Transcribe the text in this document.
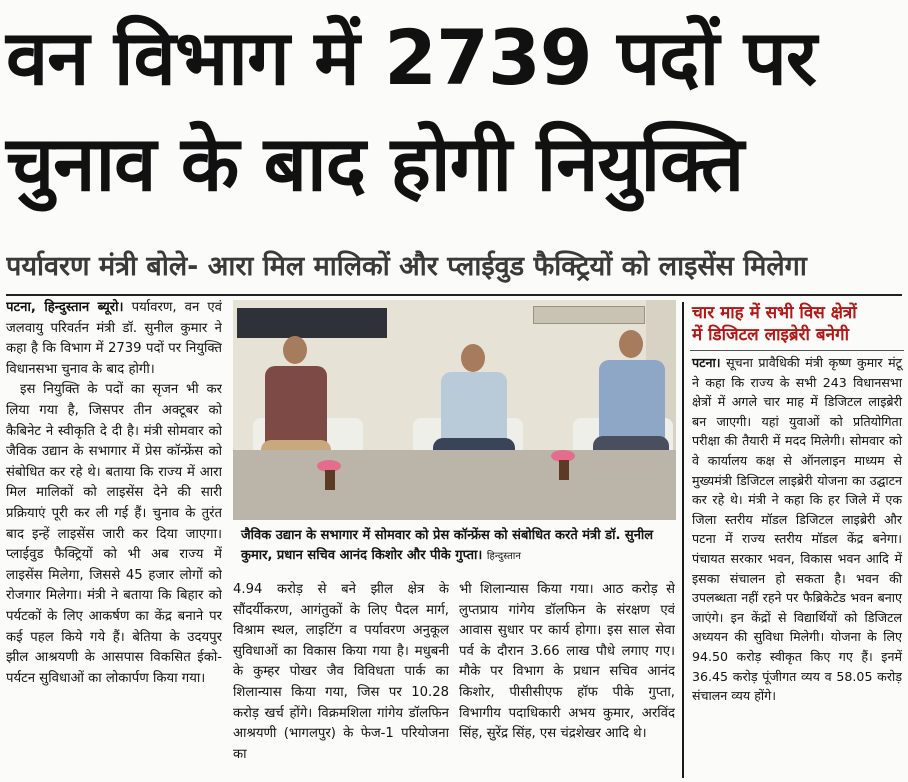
वन विभाग में 2739 पदों पर
चुनाव के बाद होगी नियुक्ति
पर्यावरण मंत्री बोले- आरा मिल मालिकों और प्लाईवुड फैक्ट्रियों को लाइसेंस मिलेगा

पटना, हिन्दुस्तान ब्यूरो। पर्यावरण, वन एवं जलवायु परिवर्तन मंत्री डॉ. सुनील कुमार ने कहा है कि विभाग में 2739 पदों पर नियुक्ति विधानसभा चुनाव के बाद होगी।

इस नियुक्ति के पदों का सृजन भी कर लिया गया है, जिसपर तीन अक्टूबर को कैबिनेट ने स्वीकृति दे दी है। मंत्री सोमवार को जैविक उद्यान के सभागार में प्रेस कॉन्फ्रेंस को संबोधित कर रहे थे। बताया कि राज्य में आरा मिल मालिकों को लाइसेंस देने की सारी प्रक्रियाएं पूरी कर ली गई हैं। चुनाव के तुरंत बाद इन्हें लाइसेंस जारी कर दिया जाएगा। प्लाईवुड फैक्ट्रियों को भी अब राज्य में लाइसेंस मिलेगा, जिससे 45 हजार लोगों को रोजगार मिलेगा। मंत्री ने बताया कि बिहार को पर्यटकों के लिए आकर्षण का केंद्र बनाने पर कई पहल किये गये हैं। बेतिया के उदयपुर झील आश्रयणी के आसपास विकसित ईको-पर्यटन सुविधाओं का लोकार्पण किया गया।

जैविक उद्यान के सभागार में सोमवार को प्रेस कॉन्फ्रेंस को संबोधित करते मंत्री डॉ. सुनील कुमार, प्रधान सचिव आनंद किशोर और पीके गुप्ता। हिन्दुस्तान

4.94 करोड़ से बने झील क्षेत्र के सौंदर्यीकरण, आगंतुकों के लिए पैदल मार्ग, विश्राम स्थल, लाइटिंग व पर्यावरण अनुकूल सुविधाओं का विकास किया गया है। मधुबनी के कुम्हर पोखर जैव विविधता पार्क का शिलान्यास किया गया, जिस पर 10.28 करोड़ खर्च होंगे। विक्रमशिला गांगेय डॉलफिन आश्रयणी (भागलपुर) के फेज-1 परियोजना का

भी शिलान्यास किया गया। आठ करोड़ से लुप्तप्राय गांगेय डॉलफिन के संरक्षण एवं आवास सुधार पर कार्य होगा। इस साल सेवा पर्व के दौरान 3.66 लाख पौधे लगाए गए। मौके पर विभाग के प्रधान सचिव आनंद किशोर, पीसीसीएफ हॉफ पीके गुप्ता, विभागीय पदाधिकारी अभय कुमार, अरविंद सिंह, सुरेंद्र सिंह, एस चंद्रशेखर आदि थे।

चार माह में सभी विस क्षेत्रों

में डिजिटल लाइब्रेरी बनेगी

पटना। सूचना प्रावैधिकी मंत्री कृष्ण कुमार मंटू ने कहा कि राज्य के सभी 243 विधानसभा क्षेत्रों में अगले चार माह में डिजिटल लाइब्रेरी बन जाएगी। यहां युवाओं को प्रतियोगिता परीक्षा की तैयारी में मदद मिलेगी। सोमवार को वे कार्यालय कक्ष से ऑनलाइन माध्यम से मुख्यमंत्री डिजिटल लाइब्रेरी योजना का उद्घाटन कर रहे थे। मंत्री ने कहा कि हर जिले में एक जिला स्तरीय मॉडल डिजिटल लाइब्रेरी और पटना में राज्य स्तरीय मॉडल केंद्र बनेगा। पंचायत सरकार भवन, विकास भवन आदि में इसका संचालन हो सकता है। भवन की उपलब्धता नहीं रहने पर फैब्रिकेटेड भवन बनाए जाएंगे। इन केंद्रों से विद्यार्थियों को डिजिटल अध्ययन की सुविधा मिलेगी। योजना के लिए 94.50 करोड़ स्वीकृत किए गए हैं। इनमें 36.45 करोड़ पूंजीगत व्यय व 58.05 करोड़ संचालन व्यय होंगे।
